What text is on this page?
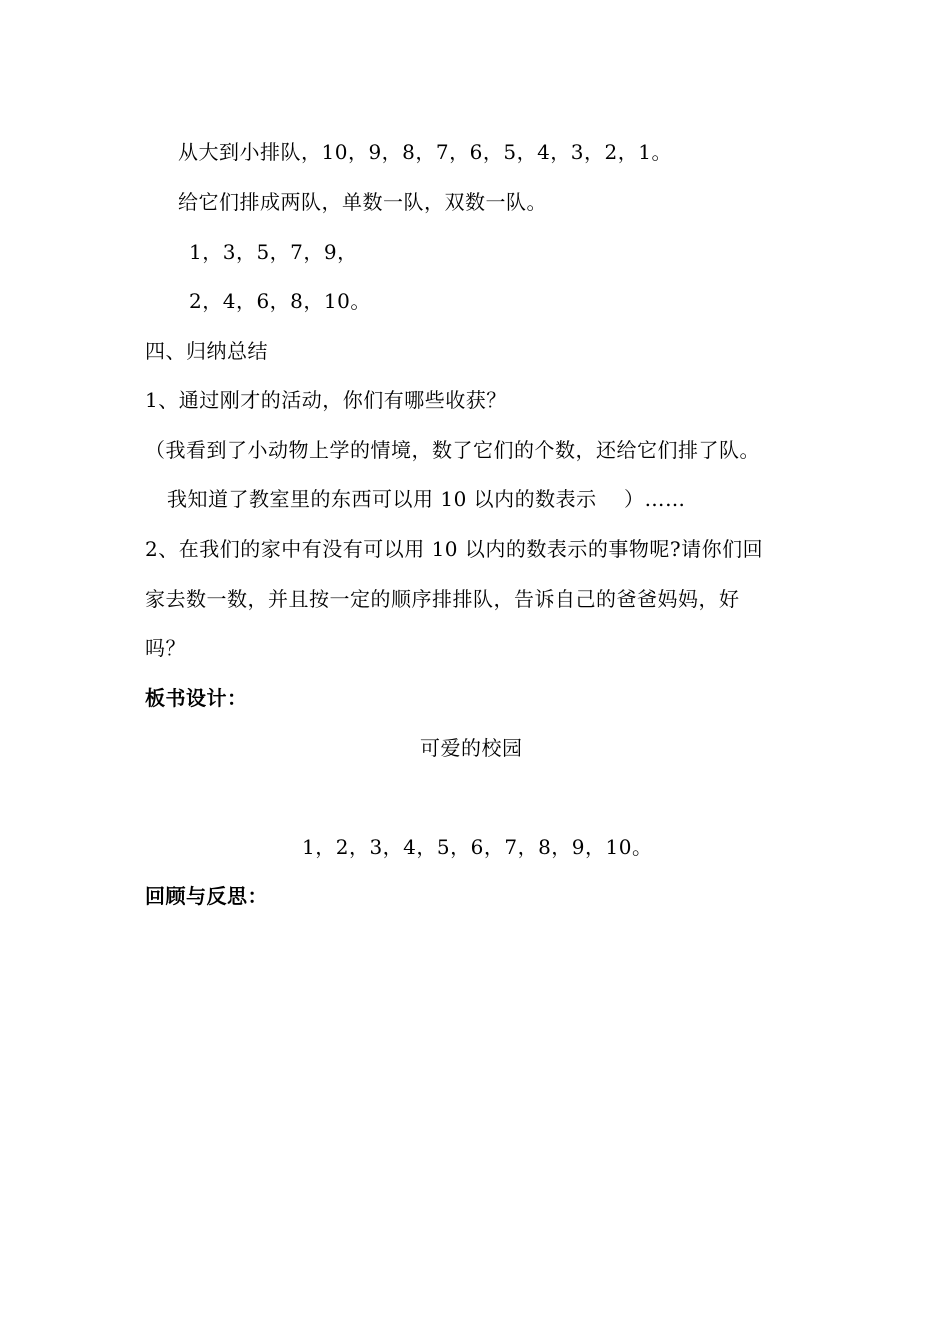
从大到小排队，10，9，8，7，6，5，4，3，2，1。
给它们排成两队，单数一队，双数一队。
1，3，5，7，9，
2，4，6，8，10。
四、归纳总结
1、通过刚才的活动，你们有哪些收获？
（我看到了小动物上学的情境，数了它们的个数，还给它们排了队。
我知道了教室里的东西可以用 10 以内的数表示 　）……
2、在我们的家中有没有可以用 10 以内的数表示的事物呢?请你们回
家去数一数，并且按一定的顺序排排队，告诉自己的爸爸妈妈，好
吗？
板书设计：
可爱的校园
1，2，3，4，5，6，7，8，9，10。
回顾与反思：
